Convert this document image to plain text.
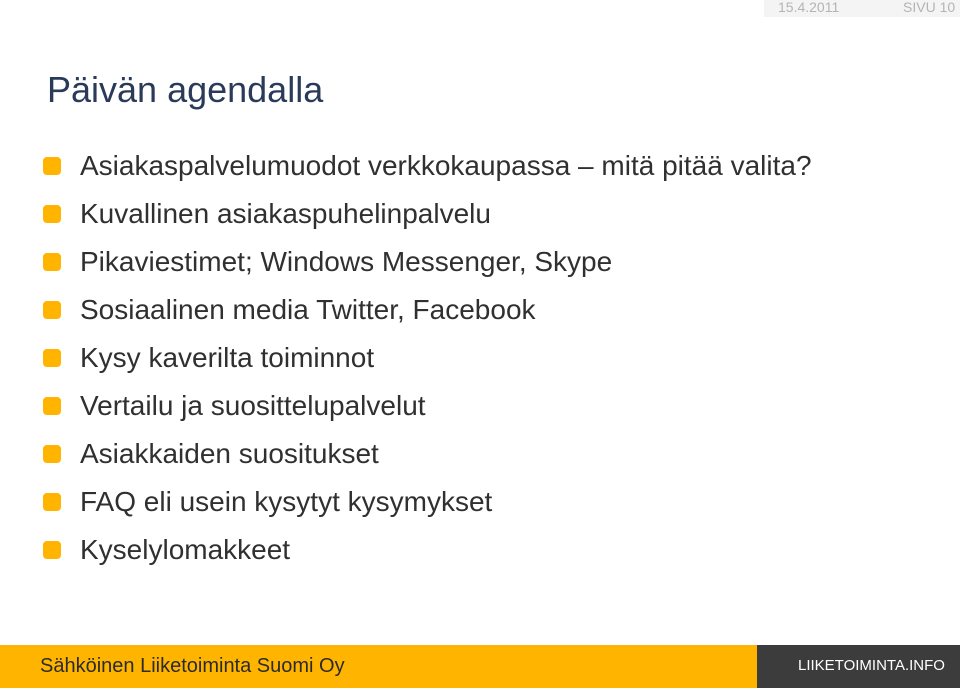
15.4.2011	SIVU 10
Päivän agendalla
Asiakaspalvelumuodot verkkokaupassa – mitä pitää valita?
Kuvallinen asiakaspuhelinpalvelu
Pikaviestimet; Windows Messenger, Skype
Sosiaalinen media Twitter, Facebook
Kysy kaverilta toiminnot
Vertailu ja suosittelupalvelut
Asiakkaiden suositukset
FAQ eli usein kysytyt kysymykset
Kyselylomakkeet
Sähköinen Liiketoiminta Suomi Oy	LIIKETOIMINTA.INFO
